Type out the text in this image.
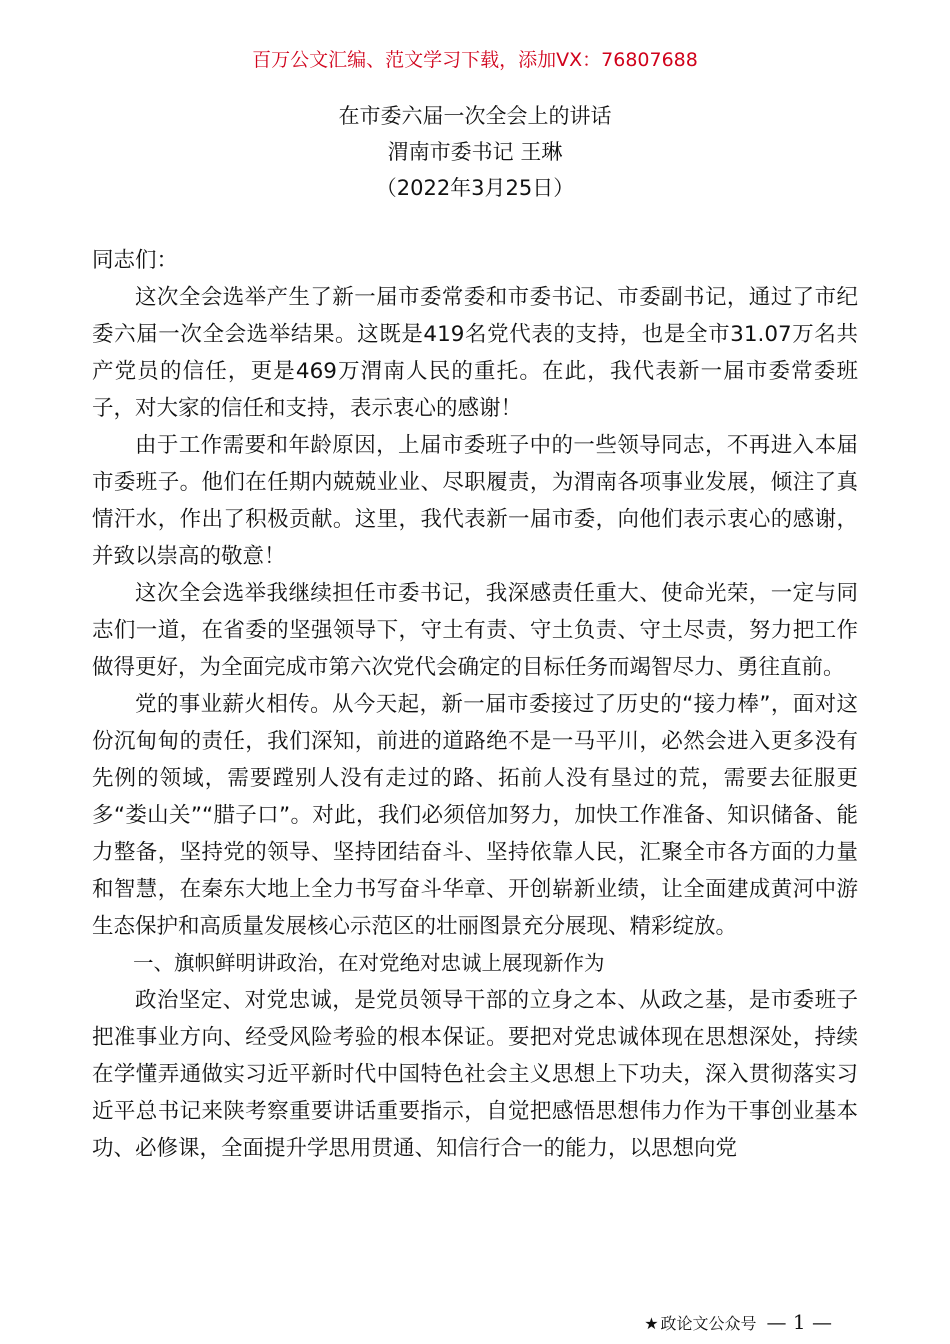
百万公文汇编、范文学习下载，添加VX：76807688
在市委六届一次全会上的讲话
渭南市委书记 王琳
（2022年3月25日）

同志们：

这次全会选举产生了新一届市委常委和市委书记、市委副书记，通过了市纪委六届一次全会选举结果。这既是419名党代表的支持，也是全市31.07万名共产党员的信任，更是469万渭南人民的重托。在此，我代表新一届市委常委班子，对大家的信任和支持，表示衷心的感谢！

由于工作需要和年龄原因，上届市委班子中的一些领导同志，不再进入本届市委班子。他们在任期内兢兢业业、尽职履责，为渭南各项事业发展，倾注了真情汗水，作出了积极贡献。这里，我代表新一届市委，向他们表示衷心的感谢，并致以崇高的敬意！

这次全会选举我继续担任市委书记，我深感责任重大、使命光荣，一定与同志们一道，在省委的坚强领导下，守土有责、守土负责、守土尽责，努力把工作做得更好，为全面完成市第六次党代会确定的目标任务而竭智尽力、勇往直前。

党的事业薪火相传。从今天起，新一届市委接过了历史的“接力棒”，面对这份沉甸甸的责任，我们深知，前进的道路绝不是一马平川，必然会进入更多没有先例的领域，需要蹚别人没有走过的路、拓前人没有垦过的荒，需要去征服更多“娄山关”“腊子口”。对此，我们必须倍加努力，加快工作准备、知识储备、能力整备，坚持党的领导、坚持团结奋斗、坚持依靠人民，汇聚全市各方面的力量和智慧，在秦东大地上全力书写奋斗华章、开创崭新业绩，让全面建成黄河中游生态保护和高质量发展核心示范区的壮丽图景充分展现、精彩绽放。

一、旗帜鲜明讲政治，在对党绝对忠诚上展现新作为

政治坚定、对党忠诚，是党员领导干部的立身之本、从政之基，是市委班子把准事业方向、经受风险考验的根本保证。要把对党忠诚体现在思想深处，持续在学懂弄通做实习近平新时代中国特色社会主义思想上下功夫，深入贯彻落实习近平总书记来陕考察重要讲话重要指示，自觉把感悟思想伟力作为干事创业基本功、必修课，全面提升学思用贯通、知信行合一的能力，以思想向党

★ 政论文公众号 — 1 —
